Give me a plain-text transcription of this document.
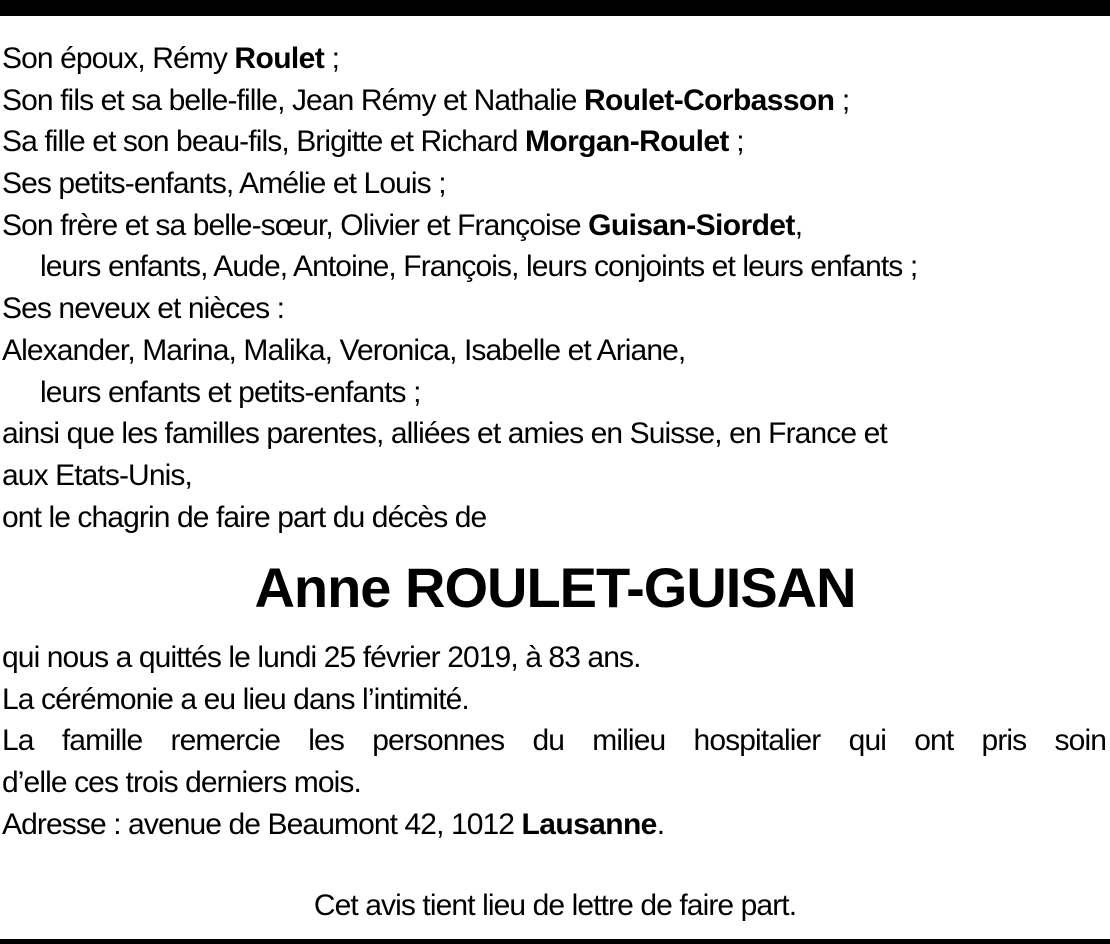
Son époux, Rémy Roulet ;
Son fils et sa belle-fille, Jean Rémy et Nathalie Roulet-Corbasson ;
Sa fille et son beau-fils, Brigitte et Richard Morgan-Roulet ;
Ses petits-enfants, Amélie et Louis ;
Son frère et sa belle-sœur, Olivier et Françoise Guisan-Siordet,
leurs enfants, Aude, Antoine, François, leurs conjoints et leurs enfants ;
Ses neveux et nièces :
Alexander, Marina, Malika, Veronica, Isabelle et Ariane,
leurs enfants et petits-enfants ;
ainsi que les familles parentes, alliées et amies en Suisse, en France et
aux Etats-Unis,
ont le chagrin de faire part du décès de
Anne ROULET-GUISAN
qui nous a quittés le lundi 25 février 2019, à 83 ans.
La cérémonie a eu lieu dans l’intimité.
La famille remercie les personnes du milieu hospitalier qui ont pris soin
d’elle ces trois derniers mois.
Adresse : avenue de Beaumont 42, 1012 Lausanne.
Cet avis tient lieu de lettre de faire part.
